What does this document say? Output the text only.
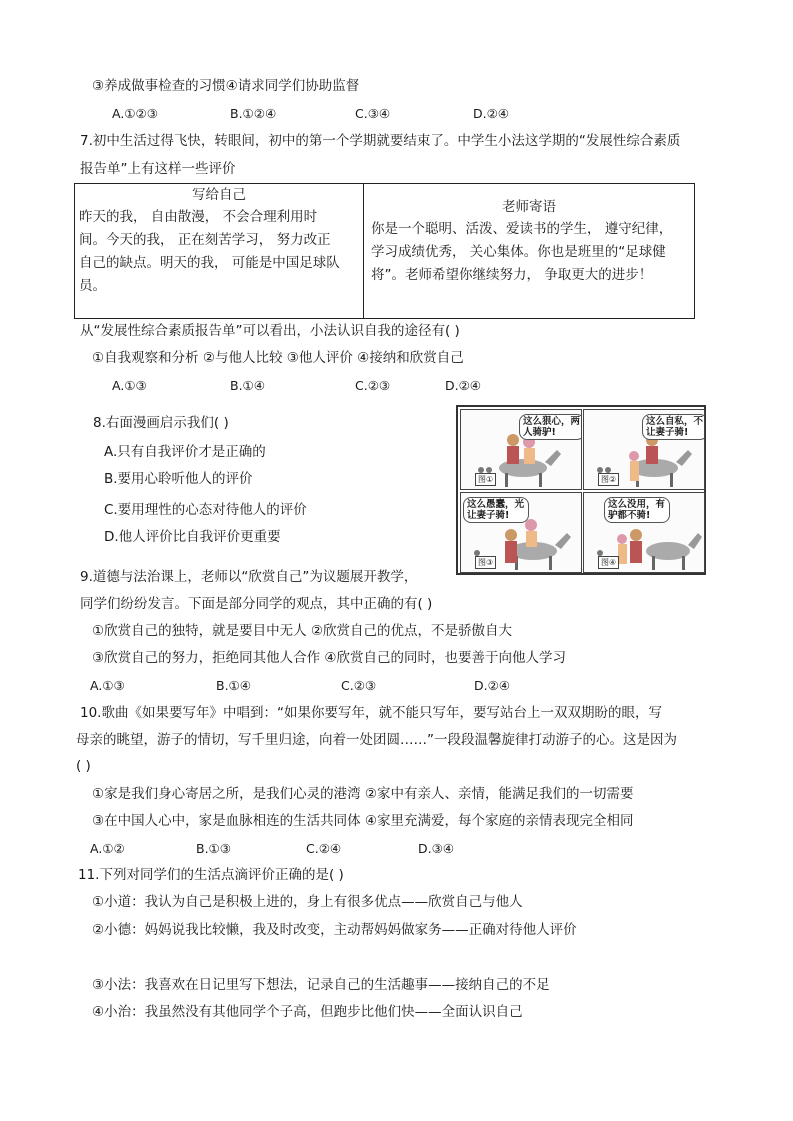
③养成做事检查的习惯④请求同学们协助监督
A.①②③	B.①②④	C.③④	D.②④
7.初中生活过得飞快，转眼间，初中的第一个学期就要结束了。中学生小法这学期的“发展性综合素质
报告单”上有这样一些评价
写给自己
昨天的我， 自由散漫， 不会合理利用时
间。今天的我， 正在刻苦学习， 努力改正
自己的缺点。明天的我， 可能是中国足球队
员。

老师寄语
你是一个聪明、活泼、爱读书的学生， 遵守纪律，
学习成绩优秀， 关心集体。你也是班里的“足球健
将”。老师希望你继续努力， 争取更大的进步！
从“发展性综合素质报告单”可以看出，小法认识自我的途径有( )
①自我观察和分析 ②与他人比较 ③他人评价 ④接纳和欣赏自己
A.①③	B.①④	C.②③	D.②④
8.右面漫画启示我们( )
A.只有自我评价才是正确的
B.要用心聆听他人的评价
C.要用理性的心态对待他人的评价
D.他人评价比自我评价更重要
这么狠心，两人骑驴!
图①
这么自私，不让妻子骑!
图②
这么愚蠢，光让妻子骑!
图③
这么没用，有驴都不骑!
图④
9.道德与法治课上，老师以“欣赏自己”为议题展开教学，
同学们纷纷发言。下面是部分同学的观点，其中正确的有( )
①欣赏自己的独特，就是要目中无人 ②欣赏自己的优点，不是骄傲自大
③欣赏自己的努力，拒绝同其他人合作 ④欣赏自己的同时，也要善于向他人学习
A.①③	B.①④	C.②③	D.②④
10.歌曲《如果要写年》中唱到：“如果你要写年，就不能只写年，要写站台上一双双期盼的眼，写
母亲的眺望，游子的情切，写千里归途，向着一处团圆……”一段段温馨旋律打动游子的心。这是因为
( )
①家是我们身心寄居之所，是我们心灵的港湾 ②家中有亲人、亲情，能满足我们的一切需要
③在中国人心中，家是血脉相连的生活共同体 ④家里充满爱，每个家庭的亲情表现完全相同
A.①②	B.①③	C.②④	D.③④
11.下列对同学们的生活点滴评价正确的是( )
①小道：我认为自己是积极上进的，身上有很多优点——欣赏自己与他人
②小德：妈妈说我比较懒，我及时改变，主动帮妈妈做家务——正确对待他人评价
③小法：我喜欢在日记里写下想法，记录自己的生活趣事——接纳自己的不足
④小治：我虽然没有其他同学个子高，但跑步比他们快——全面认识自己
